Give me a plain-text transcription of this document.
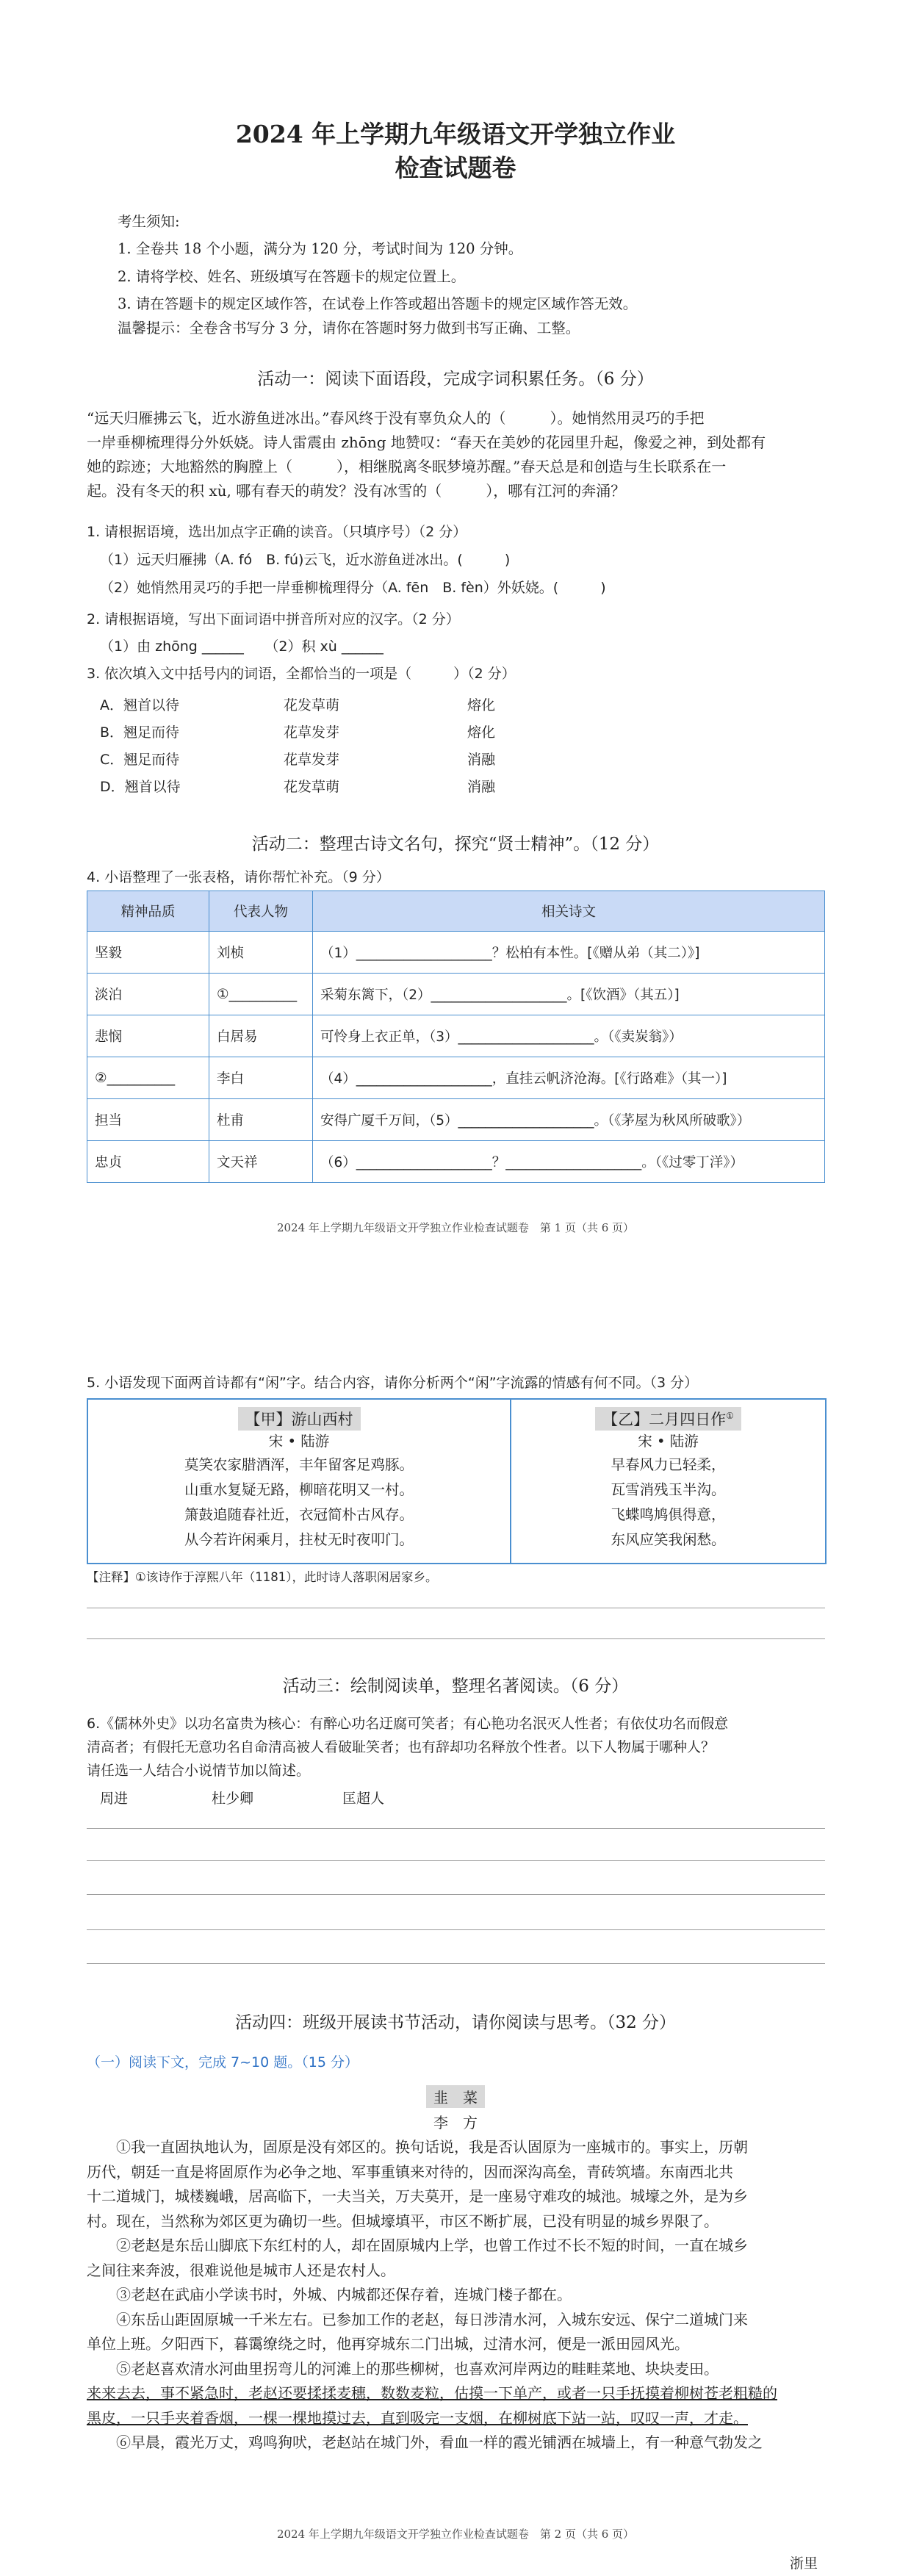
2024 年上学期九年级语文开学独立作业
检查试题卷
考生须知:
1. 全卷共 18 个小题，满分为 120 分，考试时间为 120 分钟。
2. 请将学校、姓名、班级填写在答题卡的规定位置上。
3. 请在答题卡的规定区域作答，在试卷上作答或超出答题卡的规定区域作答无效。
温馨提示：全卷含书写分 3 分，请你在答题时努力做到书写正确、工整。
活动一：阅读下面语段，完成字词积累任务。（6 分）
“远天归雁拂云飞，近水游鱼迸冰出。”春风终于没有辜负众人的（　　　）。她悄然用灵巧的手把
一岸垂柳梳理得分外妖娆。诗人雷震由 zhōng 地赞叹：“春天在美妙的花园里升起，像爱之神，到处都有
她的踪迹；大地豁然的胸膛上（　　　），相继脱离冬眠梦境苏醒。”春天总是和创造与生长联系在一
起。没有冬天的积 xù, 哪有春天的萌发？没有冰雪的（　　　），哪有江河的奔涌？
1. 请根据语境，选出加点字正确的读音。（只填序号）（2 分）
（1）远天归雁拂（A. fó　B. fú)云飞，近水游鱼迸冰出。(　　　)
（2）她悄然用灵巧的手把一岸垂柳梳理得分（A. fēn　B. fèn）外妖娆。(　　　)
2. 请根据语境，写出下面词语中拼音所对应的汉字。（2 分）
（1）由 zhōng ______　　（2）积 xù ______
3. 依次填入文中括号内的词语，全都恰当的一项是（　　　）（2 分）
A．翘首以待	花发草萌	熔化
B．翘足而待	花草发芽	熔化
C．翘足而待	花草发芽	消融
D．翘首以待	花发草萌	消融
活动二：整理古诗文名句，探究“贤士精神”。（12 分）
4. 小语整理了一张表格，请你帮忙补充。（9 分）
精神品质	代表人物	相关诗文
坚毅	刘桢	（1）____________________？松柏有本性。[《赠从弟（其二）》]
淡泊	①__________	采菊东篱下，（2）____________________。[《饮酒》（其五）]
悲悯	白居易	可怜身上衣正单，（3）____________________。（《卖炭翁》）
②__________	李白	（4）____________________，直挂云帆济沧海。[《行路难》（其一）]
担当	杜甫	安得广厦千万间，（5）____________________。（《茅屋为秋风所破歌》）
忠贞	文天祥	（6）____________________？____________________。（《过零丁洋》）
2024 年上学期九年级语文开学独立作业检查试题卷　第 1 页（共 6 页）
5. 小语发现下面两首诗都有“闲”字。结合内容，请你分析两个“闲”字流露的情感有何不同。（3 分）
【甲】游山西村
宋 • 陆游
莫笑农家腊酒浑，丰年留客足鸡豚。
山重水复疑无路，柳暗花明又一村。
箫鼓追随春社近，衣冠简朴古风存。
从今若许闲乘月，拄杖无时夜叩门。
【乙】二月四日作①
宋 • 陆游
早春风力已轻柔，
瓦雪消残玉半沟。
飞蝶鸣鸠俱得意，
东风应笑我闲愁。
【注释】①该诗作于淳熙八年（1181），此时诗人落职闲居家乡。
活动三：绘制阅读单，整理名著阅读。（6 分）
6.《儒林外史》以功名富贵为核心：有醉心功名迂腐可笑者；有心艳功名泯灭人性者；有依仗功名而假意
清高者；有假托无意功名自命清高被人看破耻笑者；也有辞却功名释放个性者。以下人物属于哪种人？
请任选一人结合小说情节加以简述。
周进	杜少卿	匡超人
活动四：班级开展读书节活动，请你阅读与思考。（32 分）
（一）阅读下文，完成 7~10 题。（15 分）
韭　菜
李　方
①我一直固执地认为，固原是没有郊区的。换句话说，我是否认固原为一座城市的。事实上，历朝
历代，朝廷一直是将固原作为必争之地、军事重镇来对待的，因而深沟高垒，青砖筑墙。东南西北共
十二道城门，城楼巍峨，居高临下，一夫当关，万夫莫开，是一座易守难攻的城池。城壕之外，是为乡
村。现在，当然称为郊区更为确切一些。但城壕填平，市区不断扩展，已没有明显的城乡界限了。
②老赵是东岳山脚底下东红村的人，却在固原城内上学，也曾工作过不长不短的时间，一直在城乡
之间往来奔波，很难说他是城市人还是农村人。
③老赵在武庙小学读书时，外城、内城都还保存着，连城门楼子都在。
④东岳山距固原城一千米左右。已参加工作的老赵，每日涉清水河，入城东安远、保宁二道城门来
单位上班。夕阳西下，暮霭缭绕之时，他再穿城东二门出城，过清水河，便是一派田园风光。
⑤老赵喜欢清水河曲里拐弯儿的河滩上的那些柳树，也喜欢河岸两边的畦畦菜地、块块麦田。
来来去去，事不紧急时，老赵还要揉揉麦穗，数数麦粒，估摸一下单产，或者一只手抚摸着柳树苍老粗糙的
黑皮，一只手夹着香烟，一棵一棵地摸过去，直到吸完一支烟，在柳树底下站一站，叹叹一声，才走。
⑥早晨，霞光万丈，鸡鸣狗吠，老赵站在城门外，看血一样的霞光铺洒在城墙上，有一种意气勃发之
2024 年上学期九年级语文开学独立作业检查试题卷　第 2 页（共 6 页）
浙里
